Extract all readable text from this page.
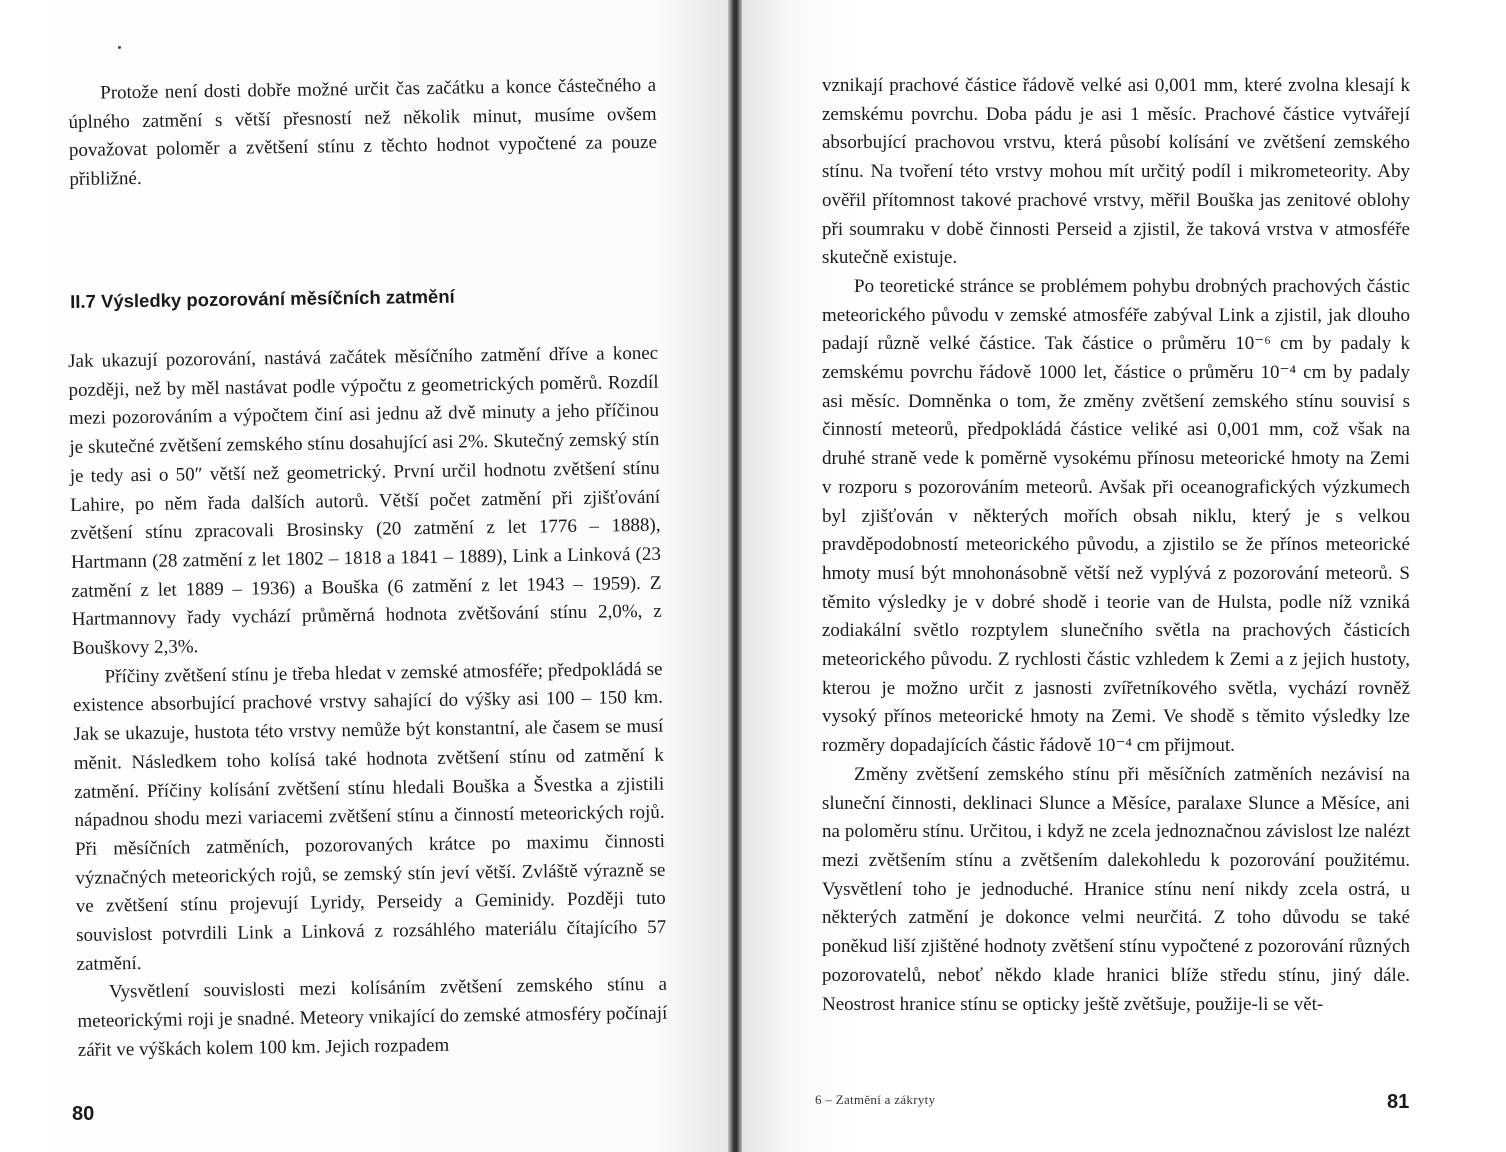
Protože není dosti dobře možné určit čas začátku a konce částečného a úplného zatmění s větší přesností než několik minut, musíme ovšem považovat poloměr a zvětšení stínu z těchto hodnot vypočtené za pouze přibližné.

II.7 Výsledky pozorování měsíčních zatmění

Jak ukazují pozorování, nastává začátek měsíčního zatmění dříve a konec později, než by měl nastávat podle výpočtu z geometrických poměrů. Rozdíl mezi pozorováním a výpočtem činí asi jednu až dvě minuty a jeho příčinou je skutečné zvětšení zemského stínu dosahující asi 2%. Skutečný zemský stín je tedy asi o 50″ větší než geometrický. První určil hodnotu zvětšení stínu Lahire, po něm řada dalších autorů. Větší počet zatmění při zjišťování zvětšení stínu zpracovali Brosinsky (20 zatmění z let 1776 – 1888), Hartmann (28 zatmění z let 1802 – 1818 a 1841 – 1889), Link a Linková (23 zatmění z let 1889 – 1936) a Bouška (6 zatmění z let 1943 – 1959). Z Hartmannovy řady vychází průměrná hodnota zvětšování stínu 2,0%, z Bouškovy 2,3%.

Příčiny zvětšení stínu je třeba hledat v zemské atmosféře; předpokládá se existence absorbující prachové vrstvy sahající do výšky asi 100 – 150 km. Jak se ukazuje, hustota této vrstvy nemůže být konstantní, ale časem se musí měnit. Následkem toho kolísá také hodnota zvětšení stínu od zatmění k zatmění. Příčiny kolísání zvětšení stínu hledali Bouška a Švestka a zjistili nápadnou shodu mezi variacemi zvětšení stínu a činností meteorických rojů. Při měsíčních zatměních, pozorovaných krátce po maximu činnosti význačných meteorických rojů, se zemský stín jeví větší. Zvláště výrazně se ve zvětšení stínu projevují Lyridy, Perseidy a Geminidy. Později tuto souvislost potvrdili Link a Linková z rozsáhlého materiálu čítajícího 57 zatmění.

Vysvětlení souvislosti mezi kolísáním zvětšení zemského stínu a meteorickými roji je snadné. Meteory vnikající do zemské atmosféry počínají zářit ve výškách kolem 100 km. Jejich rozpadem

80

vznikají prachové částice řádově velké asi 0,001 mm, které zvolna klesají k zemskému povrchu. Doba pádu je asi 1 měsíc. Prachové částice vytvářejí absorbující prachovou vrstvu, která působí kolísání ve zvětšení zemského stínu. Na tvoření této vrstvy mohou mít určitý podíl i mikrometeority. Aby ověřil přítomnost takové prachové vrstvy, měřil Bouška jas zenitové oblohy při soumraku v době činnosti Perseid a zjistil, že taková vrstva v atmosféře skutečně existuje.

Po teoretické stránce se problémem pohybu drobných prachových částic meteorického původu v zemské atmosféře zabýval Link a zjistil, jak dlouho padají různě velké částice. Tak částice o průměru 10⁻⁶ cm by padaly k zemskému povrchu řádově 1000 let, částice o průměru 10⁻⁴ cm by padaly asi měsíc. Domněnka o tom, že změny zvětšení zemského stínu souvisí s činností meteorů, předpokládá částice veliké asi 0,001 mm, což však na druhé straně vede k poměrně vysokému přínosu meteorické hmoty na Zemi v rozporu s pozorováním meteorů. Avšak při oceanografických výzkumech byl zjišťován v některých mořích obsah niklu, který je s velkou pravděpodobností meteorického původu, a zjistilo se že přínos meteorické hmoty musí být mnohonásobně větší než vyplývá z pozorování meteorů. S těmito výsledky je v dobré shodě i teorie van de Hulsta, podle níž vzniká zodiakální světlo rozptylem slunečního světla na prachových částicích meteorického původu. Z rychlosti částic vzhledem k Zemi a z jejich hustoty, kterou je možno určit z jasnosti zvířetníkového světla, vychází rovněž vysoký přínos meteorické hmoty na Zemi. Ve shodě s těmito výsledky lze rozměry dopadajících částic řádově 10⁻⁴ cm přijmout.

Změny zvětšení zemského stínu při měsíčních zatměních nezávisí na sluneční činnosti, deklinaci Slunce a Měsíce, paralaxe Slunce a Měsíce, ani na poloměru stínu. Určitou, i když ne zcela jednoznačnou závislost lze nalézt mezi zvětšením stínu a zvětšením dalekohledu k pozorování použitému. Vysvětlení toho je jednoduché. Hranice stínu není nikdy zcela ostrá, u některých zatmění je dokonce velmi neurčitá. Z toho důvodu se také poněkud liší zjištěné hodnoty zvětšení stínu vypočtené z pozorování různých pozorovatelů, neboť někdo klade hranici blíže středu stínu, jiný dále. Neostrost hranice stínu se opticky ještě zvětšuje, použije-li se vět-

6 – Zatmění a zákryty	81
